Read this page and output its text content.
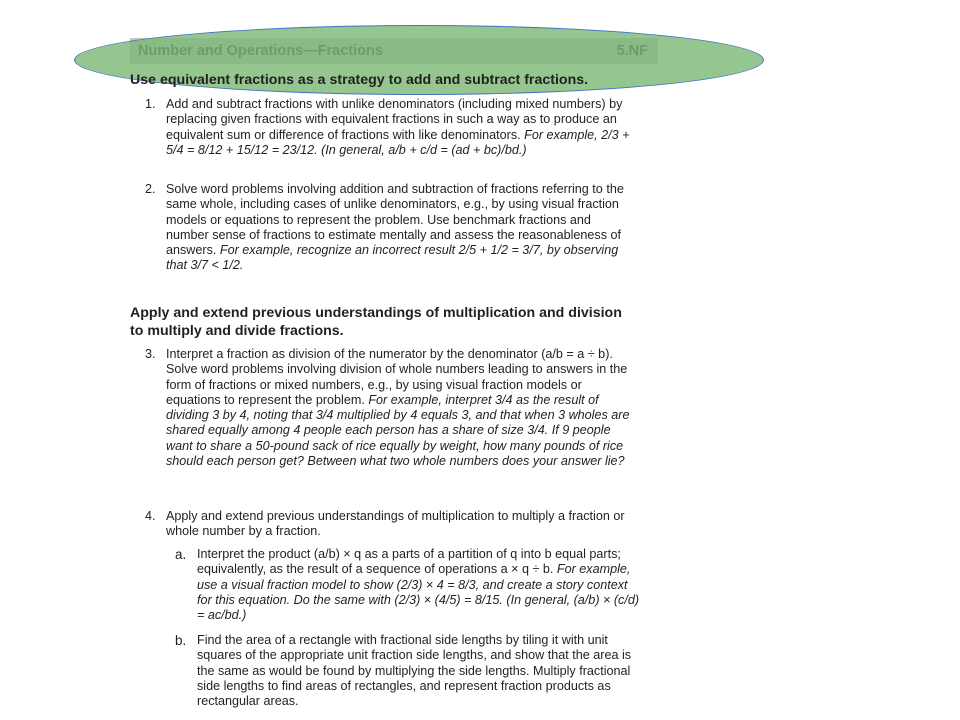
Use equivalent fractions as a strategy to add and subtract fractions.
1. Add and subtract fractions with unlike denominators (including mixed numbers) by replacing given fractions with equivalent fractions in such a way as to produce an equivalent sum or difference of fractions with like denominators. For example, 2/3 + 5/4 = 8/12 + 15/12 = 23/12. (In general, a/b + c/d = (ad + bc)/bd.)
2. Solve word problems involving addition and subtraction of fractions referring to the same whole, including cases of unlike denominators, e.g., by using visual fraction models or equations to represent the problem. Use benchmark fractions and number sense of fractions to estimate mentally and assess the reasonableness of answers. For example, recognize an incorrect result 2/5 + 1/2 = 3/7, by observing that 3/7 < 1/2.
Apply and extend previous understandings of multiplication and division to multiply and divide fractions.
3. Interpret a fraction as division of the numerator by the denominator (a/b = a ÷ b). Solve word problems involving division of whole numbers leading to answers in the form of fractions or mixed numbers, e.g., by using visual fraction models or equations to represent the problem. For example, interpret 3/4 as the result of dividing 3 by 4, noting that 3/4 multiplied by 4 equals 3, and that when 3 wholes are shared equally among 4 people each person has a share of size 3/4. If 9 people want to share a 50-pound sack of rice equally by weight, how many pounds of rice should each person get? Between what two whole numbers does your answer lie?
4. Apply and extend previous understandings of multiplication to multiply a fraction or whole number by a fraction.
a. Interpret the product (a/b) × q as a parts of a partition of q into b equal parts; equivalently, as the result of a sequence of operations a × q ÷ b. For example, use a visual fraction model to show (2/3) × 4 = 8/3, and create a story context for this equation. Do the same with (2/3) × (4/5) = 8/15. (In general, (a/b) × (c/d) = ac/bd.)
b. Find the area of a rectangle with fractional side lengths by tiling it with unit squares of the appropriate unit fraction side lengths, and show that the area is the same as would be found by multiplying the side lengths. Multiply fractional side lengths to find areas of rectangles, and represent fraction products as rectangular areas.
